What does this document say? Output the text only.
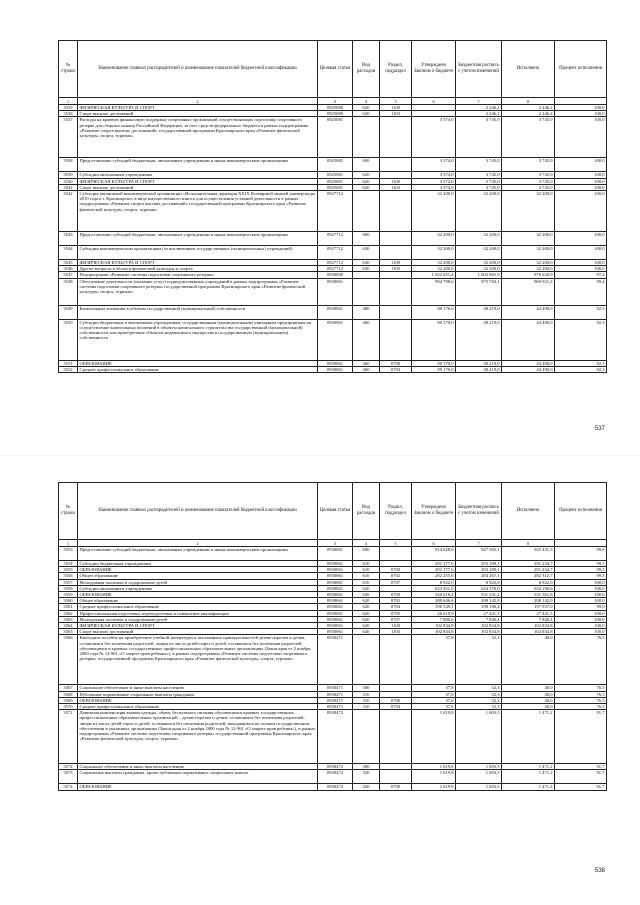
№ строки	Наименование главных распорядителей и наименование показателей бюджетной классификации	Целевая статья	Вид расходов	Раздел, подраздел	Утверждено Законом о бюджете	Бюджетная роспись с учетом изменений	Исполнено	Процент исполнения
1	2	3	4	5	6	7	8	
3535	ФИЗИЧЕСКАЯ КУЛЬТУРА И СПОРТ	0925080	620	1100		2 246,2	2 246,2	100,0
3536	Спорт высших достижений	0925080	620	1103		2 246,2	2 246,2	100,0
3537	Расходы на краевую финансовую поддержку спортивных организаций осуществляющих подготовку спортивного резерва для сборных команд Российской Федерации, за счет средств федерального бюджета в рамках подпрограммы «Развитие спорта высших достижений» государственной программы Красноярского края «Развитие физической культуры, спорта, туризма»	0925081			3 374,0	3 745,0	3 745,0	100,0
3538	Предоставление субсидий бюджетным, автономным учреждениям и иным некоммерческим организациям	0925081	600		3 374,0	3 745,0	3 745,0	100,0
3539	Субсидии автономным учреждениям	0925081	620		3 374,0	3 745,0	3 745,0	100,0
3540	ФИЗИЧЕСКАЯ КУЛЬТУРА И СПОРТ	0925081	620	1100	3 374,0	3 745,0	3 745,0	100,0
3541	Спорт высших достижений	0925081	620	1103	3 374,0	3 745,0	3 745,0	100,0
3542	Субсидия автономной некоммерческой организации «Исполнительная дирекция XXIX Всемирной зимней универсиады 2019 года в г. Красноярске» в виде имущественного взноса для осуществления уставной деятельности в рамках подпрограммы «Развитие спорта высших достижений» государственной программы Красноярского края «Развитие физической культуры, спорта, туризма»	0927712			32 200,0	32 200,0	32 200,0	100,0
3543	Предоставление субсидий бюджетным, автономным учреждениям и иным некоммерческим организациям	0927712	600		32 200,0	32 200,0	32 200,0	100,0
3544	Субсидии некоммерческим организациям (за исключением государственных (муниципальных) учреждений)	0927712	630		32 200,0	32 200,0	32 200,0	100,0
3545	ФИЗИЧЕСКАЯ КУЛЬТУРА И СПОРТ	0927712	630	1100	32 200,0	32 200,0	32 200,0	100,0
3546	Другие вопросы в области физической культуры и спорта	0927712	630	1105	32 200,0	32 200,0	32 200,0	100,0
3547	Подпрограмма «Развитие системы подготовки спортивного резерва»	0930000			1 022 651,4	1 002 665,9	976 620,9	97,4
3548	Обеспечение деятельности (оказание услуг) подведомственных учреждений в рамках подпрограммы «Развитие системы подготовки спортивного резерва» государственной программы Красноярского края «Развитие физической культуры, спорта, туризма»	0930061			994 798,6	975 784,1	969 921,3	99,4
3549	Капитальные вложения в объекты государственной (муниципальной) собственности	0930061	400		80 170,0	48 219,0	44 490,0	92,3
3550	Субсидии бюджетным и автономным учреждениям, государственным (муниципальным) унитарным предприятиям на осуществление капитальных вложений в объекты капитального строительства государственной (муниципальной) собственности или приобретение объектов недвижимого имущества в государственную (муниципальную) собственность	0930061	460		80 170,0	48 219,0	44 490,0	92,3
3551	ОБРАЗОВАНИЕ	0930061	460	0700	80 170,0	48 219,0	44 490,0	92,3
3552	Среднее профессиональное образование	0930061	460	0704	80 170,0	48 219,0	44 490,0	92,3
537
№ строки	Наименование главных распорядителей и наименование показателей бюджетной классификации	Целевая статья	Вид расходов	Раздел, подраздел	Утверждено Законом о бюджете	Бюджетная роспись с учетом изменений	Исполнено	Процент исполнения
1	2	3	4	5	6	7	8	
3553	Предоставление субсидий бюджетным, автономным учреждениям и иным некоммерческим организациям	0930061	600		914 628,6	927 565,1	925 431,3	99,8
3554	Субсидии бюджетным учреждениям	0930061	610		291 177,6	293 189,1	291 234,7	99,3
3555	ОБРАЗОВАНИЕ	0930061	610	0700	291 177,6	293 189,1	291 234,7	99,3
3556	Общее образование	0930061	610	0702	282 255,6	284 267,1	282 312,7	99,3
3557	Молодежная политика и оздоровление детей	0930061	610	0707	8 922,0	8 922,0	8 922,0	100,0
3558	Субсидии автономным учреждениям	0930061	620		623 451,0	634 376,0	634 196,6	100,0
3559	ОБРАЗОВАНИЕ	0930061	620	0700	520 616,2	531 541,2	531 361,8	100,0
3560	Общее образование	0930061	620	0702	289 646,6	298 142,9	298 142,9	100,0
3561	Среднее профессиональное образование	0930061	620	0704	196 549,1	198 186,4	197 937,0	99,9
3562	Профессиональная подготовка, переподготовка и повышение квалификации	0930061	620	0705	26 619,9	27 441,5	27 441,5	100,0
3563	Молодежная политика и оздоровление детей	0930061	620	0707	7 800,6	7 840,4	7 840,4	100,0
3564	ФИЗИЧЕСКАЯ КУЛЬТУРА И СПОРТ	0930061	620	1100	102 834,8	102 834,8	102 834,8	100,0
3565	Спорт высших достижений	0930061	620	1103	102 834,8	102 834,8	102 834,8	100,0
3566	Ежегодное пособие на приобретение учебной литературы и письменных принадлежностей детям-сиротам и детям, оставшимся без попечения родителей, лицам из числа детей-сирот и детей, оставшихся без попечения родителей, обучающимся в краевых государственных профессиональных образовательных организациях (Закон края от 2 ноября 2000 года № 12-961 «О защите прав ребенка»), в рамках подпрограммы «Развитие системы подготовки спортивного резерва» государственной программы Красноярского края «Развитие физической культуры, спорта, туризма»	0930471			37,8	52,3	40,0	76,5
3567	Социальное обеспечение и иные выплаты населению	0930471	300		37,8	52,3	40,0	76,5
3568	Публичные нормативные социальные выплаты гражданам	0930471	310		37,8	52,3	40,0	76,5
3569	ОБРАЗОВАНИЕ	0930471	310	0700	37,8	52,3	40,0	76,5
3570	Среднее профессиональное образование	0930471	310	0704	37,8	52,3	40,0	76,5
3571	Денежная компенсация взамен одежды, обуви, бесплатного питания обучающимся краевых государственных профессиональных образовательных организаций – детям-сиротам и детям, оставшимся без попечения родителей, лицам из числа детей-сирот и детей, оставшихся без попечения родителей, находящимся на полном государственном обеспечении в указанных организациях (Закон края от 2 ноября 2000 года № 12-961 «О защите прав ребенка»), в рамках подпрограммы «Развитие системы подготовки спортивного резерва» государственной программы Красноярского края «Развитие физической культуры, спорта, туризма»	0930472			1 619,8	1 603,5	1 471,2	91,7
3572	Социальное обеспечение и иные выплаты населению	0930472	300		1 619,8	1 603,5	1 471,2	91,7
3573	Социальные выплаты гражданам, кроме публичных нормативных социальных выплат	0930472	320		1 619,8	1 603,5	1 471,2	91,7
3574	ОБРАЗОВАНИЕ	0930472	320	0700	1 619,8	1 603,5	1 471,2	91,7
538
